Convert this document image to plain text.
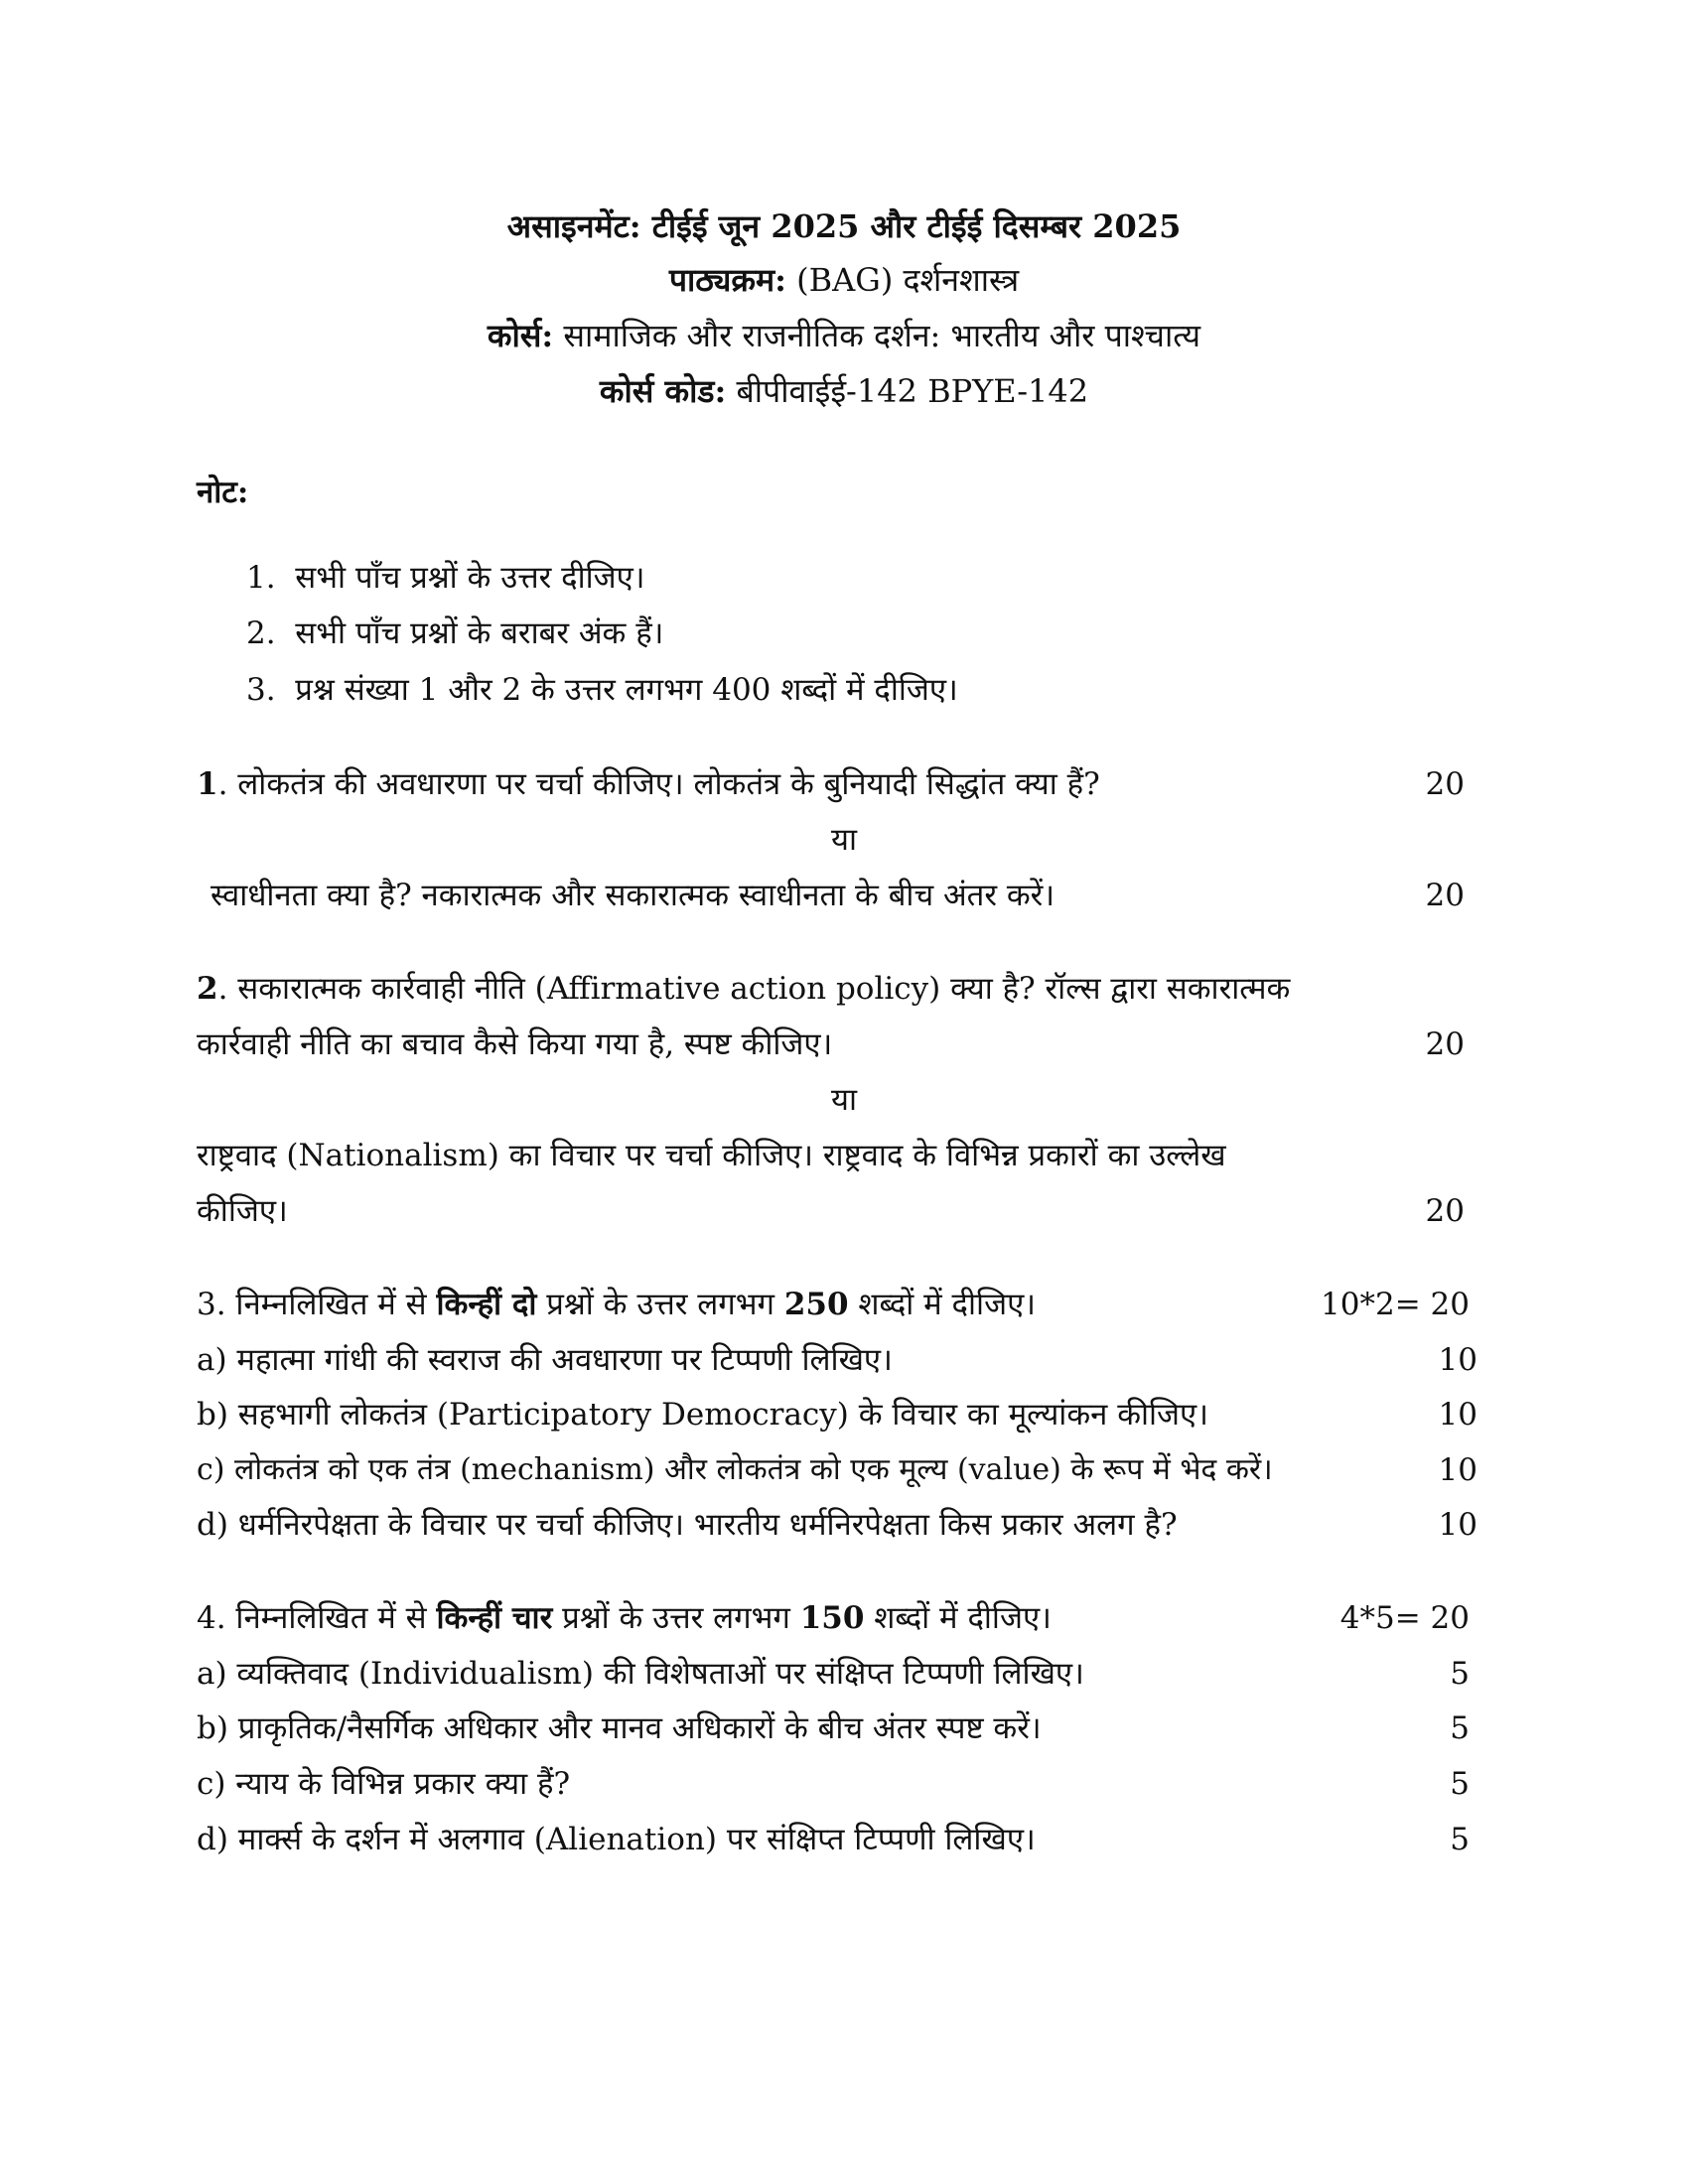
असाइनमेंट: टीईई जून 2025 और टीईई दिसम्बर 2025
पाठ्यक्रम: (BAG) दर्शनशास्त्र
कोर्स: सामाजिक और राजनीतिक दर्शन: भारतीय और पाश्चात्य
कोर्स कोड: बीपीवाईई-142 BPYE-142
नोट:
1. सभी पाँच प्रश्नों के उत्तर दीजिए।
2. सभी पाँच प्रश्नों के बराबर अंक हैं।
3. प्रश्न संख्या 1 और 2 के उत्तर लगभग 400 शब्दों में दीजिए।
1. लोकतंत्र की अवधारणा पर चर्चा कीजिए। लोकतंत्र के बुनियादी सिद्धांत क्या हैं?	20
या
स्वाधीनता क्या है? नकारात्मक और सकारात्मक स्वाधीनता के बीच अंतर करें।	20
2. सकारात्मक कार्रवाही नीति (Affirmative action policy) क्या है? रॉल्स द्वारा सकारात्मक
कार्रवाही नीति का बचाव कैसे किया गया है, स्पष्ट कीजिए।	20
या
राष्ट्रवाद (Nationalism) का विचार पर चर्चा कीजिए। राष्ट्रवाद के विभिन्न प्रकारों का उल्लेख
कीजिए।	20
3. निम्नलिखित में से किन्हीं दो प्रश्नों के उत्तर लगभग 250 शब्दों में दीजिए।	10*2= 20
a) महात्मा गांधी की स्वराज की अवधारणा पर टिप्पणी लिखिए।	10
b) सहभागी लोकतंत्र (Participatory Democracy) के विचार का मूल्यांकन कीजिए।	10
c) लोकतंत्र को एक तंत्र (mechanism) और लोकतंत्र को एक मूल्य (value) के रूप में भेद करें।	10
d) धर्मनिरपेक्षता के विचार पर चर्चा कीजिए। भारतीय धर्मनिरपेक्षता किस प्रकार अलग है?	10
4. निम्नलिखित में से किन्हीं चार प्रश्नों के उत्तर लगभग 150 शब्दों में दीजिए।	4*5= 20
a) व्यक्तिवाद (Individualism) की विशेषताओं पर संक्षिप्त टिप्पणी लिखिए।	5
b) प्राकृतिक/नैसर्गिक अधिकार और मानव अधिकारों के बीच अंतर स्पष्ट करें।	5
c) न्याय के विभिन्न प्रकार क्या हैं?	5
d) मार्क्स के दर्शन में अलगाव (Alienation) पर संक्षिप्त टिप्पणी लिखिए।	5
